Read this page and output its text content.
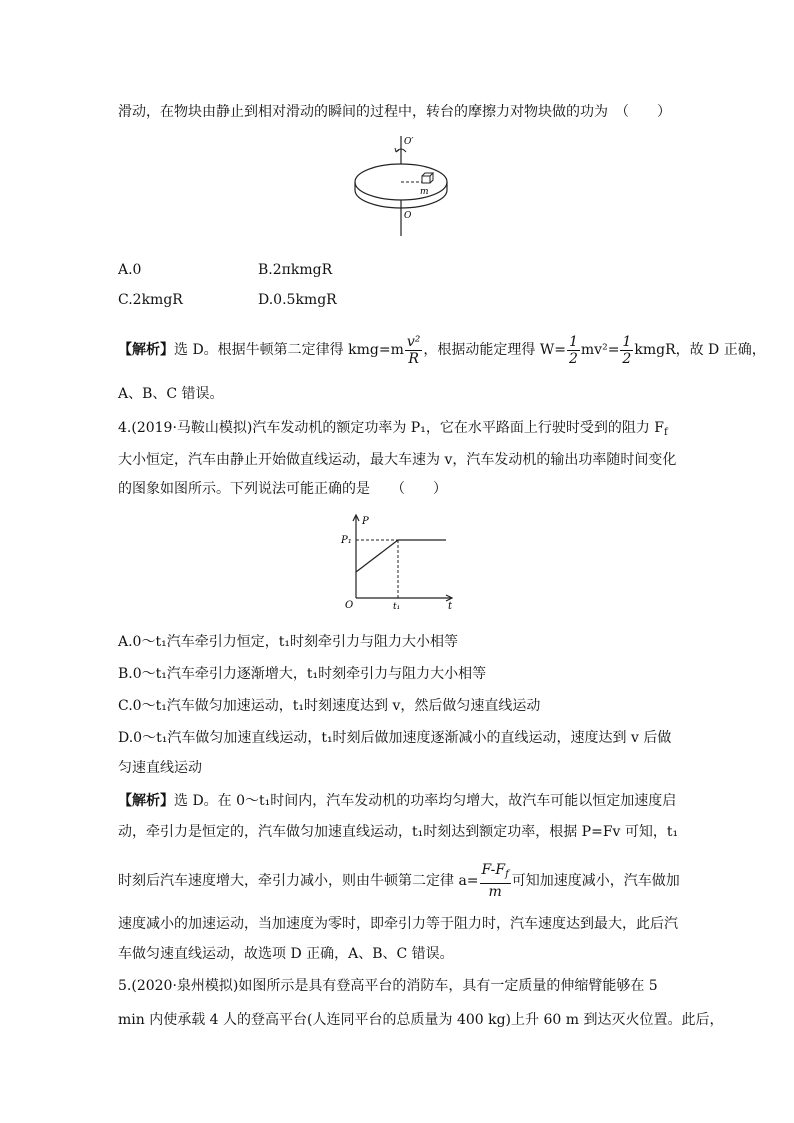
滑动，在物块由静止到相对滑动的瞬间的过程中，转台的摩擦力对物块做的功为　（　　）
O′
m
O
A.0	B.2πkmgR
C.2kmgR	D.0.5kmgR
【解析】选 D。根据牛顿第二定律得 $kmg=m \frac{\text{v²}}{R}$ ，根据动能定理得 $W= \frac{1}{2} mv^2= \frac{1}{2}$ kmgR，故 D 正确，
A、B、C 错误。
4.(2019·马鞍山模拟)汽车发动机的额定功率为 P₁，它在水平路面上行驶时受到的阻力 $F_f$
大小恒定，汽车由静止开始做直线运动，最大车速为 v，汽车发动机的输出功率随时间变化
的图象如图所示。下列说法可能正确的是　　（　　）
P
P₁
O	t₁	t
A.0～t₁汽车牵引力恒定，t₁时刻牵引力与阻力大小相等
B.0～t₁汽车牵引力逐渐增大，t₁时刻牵引力与阻力大小相等
C.0～t₁汽车做匀加速运动，t₁时刻速度达到 v，然后做匀速直线运动
D.0～t₁汽车做匀加速直线运动，t₁时刻后做加速度逐渐减小的直线运动，速度达到 v 后做
匀速直线运动
【解析】选 D。在 0～t₁时间内，汽车发动机的功率均匀增大，故汽车可能以恒定加速度启
动，牵引力是恒定的，汽车做匀加速直线运动，t₁时刻达到额定功率，根据 P=Fv 可知，t₁
时刻后汽车速度增大，牵引力减小，则由牛顿第二定律 $a= \frac{F-F_f}{m}$ 可知加速度减小，汽车做加
速度减小的加速运动，当加速度为零时，即牵引力等于阻力时，汽车速度达到最大，此后汽
车做匀速直线运动，故选项 D 正确，A、B、C 错误。
5.(2020·泉州模拟)如图所示是具有登高平台的消防车，具有一定质量的伸缩臂能够在 5
min 内使承载 4 人的登高平台(人连同平台的总质量为 400 kg)上升 60 m 到达灭火位置。此后，
